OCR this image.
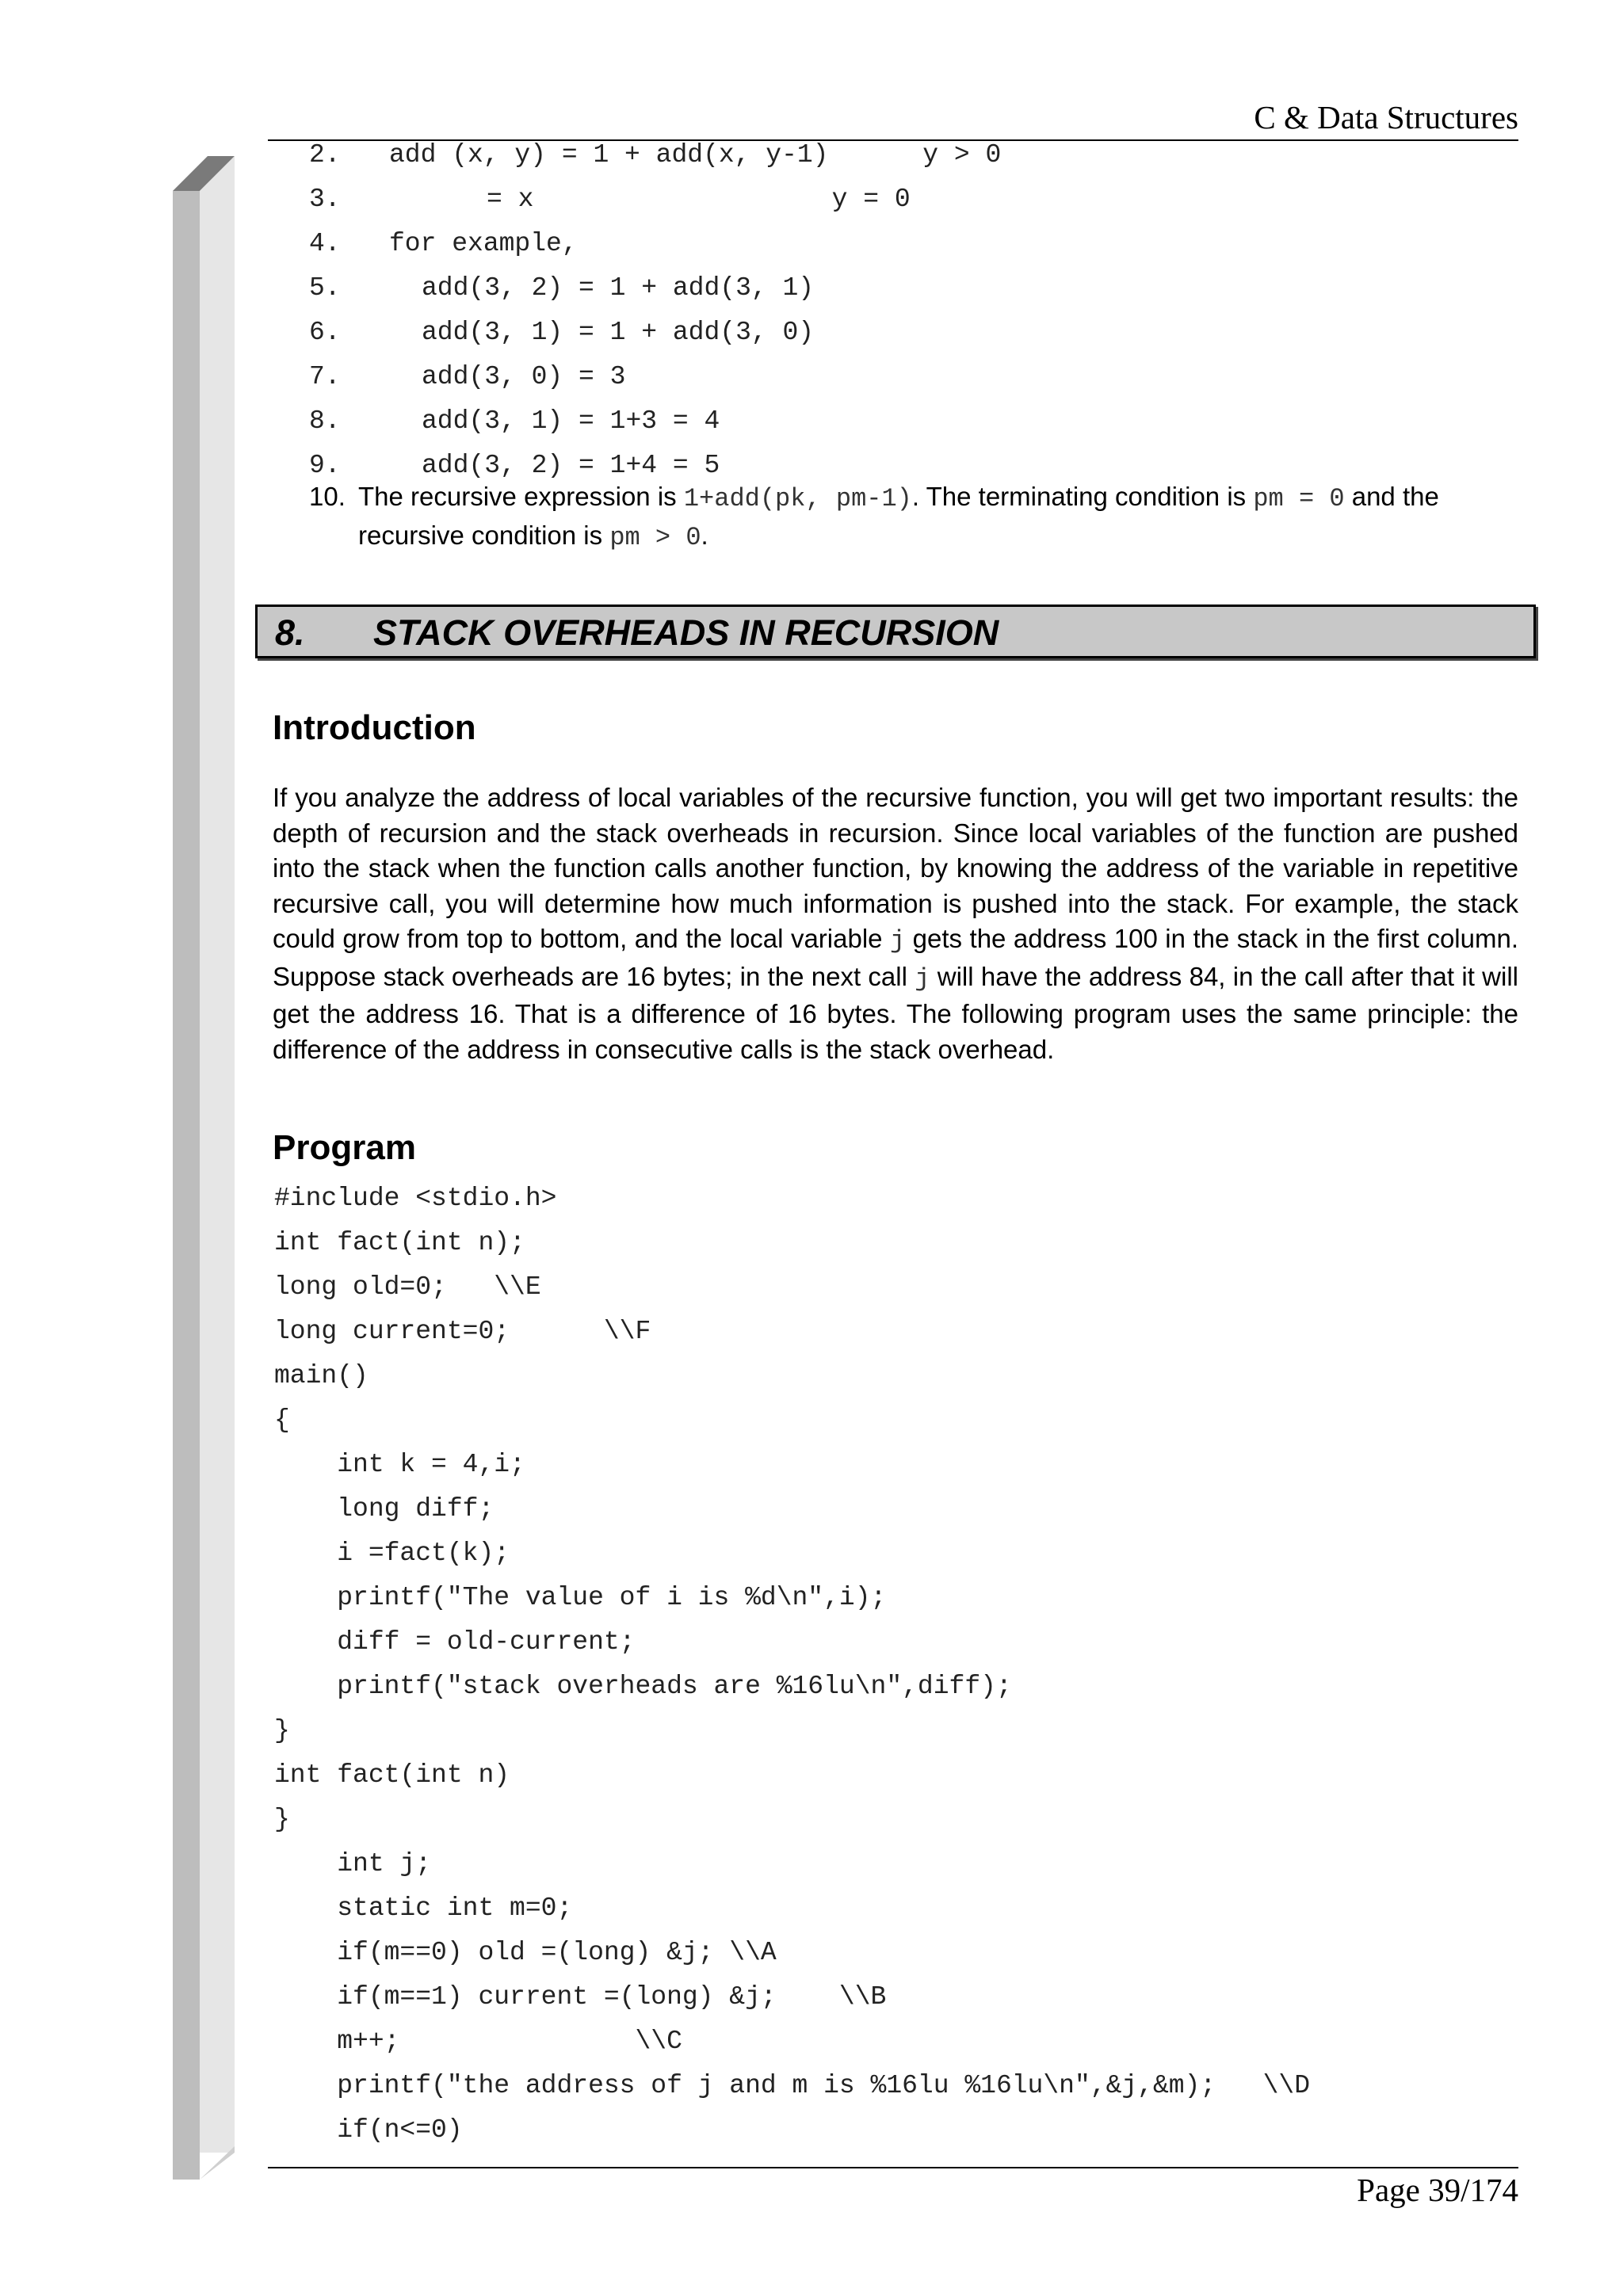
C & Data Structures
2. add (x, y) = 1 + add(x, y-1)      y > 0
3.	= x                   y = 0
4. for example,
5.	add(3, 2) = 1 + add(3, 1)
6.	add(3, 1) = 1 + add(3, 0)
7.	add(3, 0) = 3
8.	add(3, 1) = 1+3 = 4
9.	add(3, 2) = 1+4 = 5
10. The recursive expression is 1+add(pk, pm-1). The terminating condition is pm = 0 and the recursive condition is pm > 0.
8. STACK OVERHEADS IN RECURSION
Introduction
If you analyze the address of local variables of the recursive function, you will get two important results: the depth of recursion and the stack overheads in recursion. Since local variables of the function are pushed into the stack when the function calls another function, by knowing the address of the variable in repetitive recursive call, you will determine how much information is pushed into the stack. For example, the stack could grow from top to bottom, and the local variable j gets the address 100 in the stack in the first column. Suppose stack overheads are 16 bytes; in the next call j will have the address 84, in the call after that it will get the address 16. That is a difference of 16 bytes. The following program uses the same principle: the difference of the address in consecutive calls is the stack overhead.
Program
#include <stdio.h>
int fact(int n);
long old=0;   \\E
long current=0;      \\F
main()
{
int k = 4,i;
long diff;
i =fact(k);
printf("The value of i is %d\n",i);
diff = old-current;
printf("stack overheads are %16lu\n",diff);
}
int fact(int n)
}
int j;
static int m=0;
if(m==0) old =(long) &j; \\A
if(m==1) current =(long) &j;    \\B
m++;               \\C
printf("the address of j and m is %16lu %16lu\n",&j,&m);   \\D
if(n<=0)
Page 39/174
